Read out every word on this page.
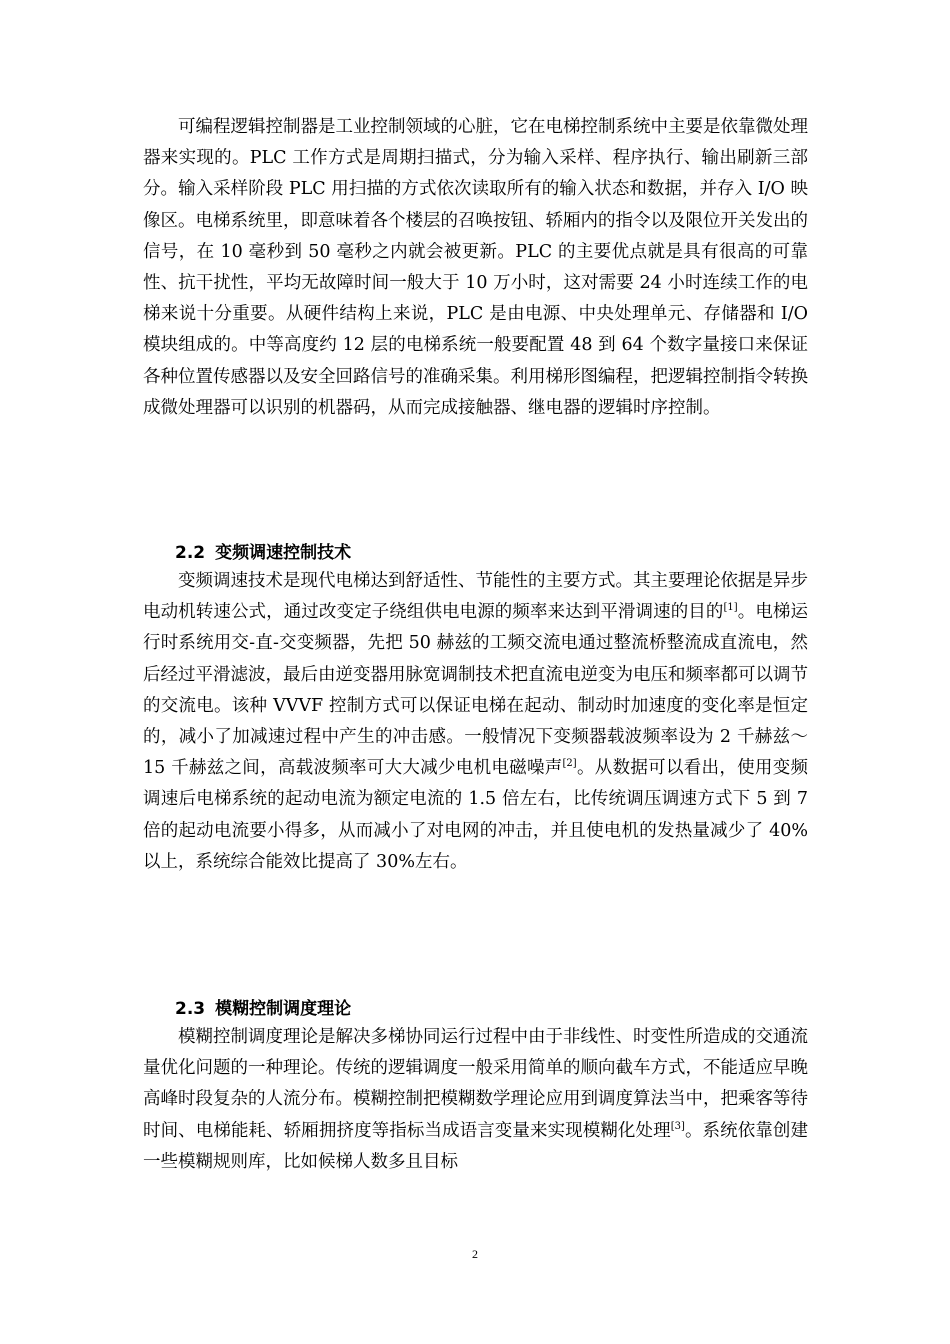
可编程逻辑控制器是工业控制领域的心脏，它在电梯控制系统中主要是依靠微处理器来实现的。PLC 工作方式是周期扫描式，分为输入采样、程序执行、输出刷新三部分。输入采样阶段 PLC 用扫描的方式依次读取所有的输入状态和数据，并存入 I/O 映像区。电梯系统里，即意味着各个楼层的召唤按钮、轿厢内的指令以及限位开关发出的信号，在 10 毫秒到 50 毫秒之内就会被更新。PLC 的主要优点就是具有很高的可靠性、抗干扰性，平均无故障时间一般大于 10 万小时，这对需要 24 小时连续工作的电梯来说十分重要。从硬件结构上来说，PLC 是由电源、中央处理单元、存储器和 I/O 模块组成的。中等高度约 12 层的电梯系统一般要配置 48 到 64 个数字量接口来保证各种位置传感器以及安全回路信号的准确采集。利用梯形图编程，把逻辑控制指令转换成微处理器可以识别的机器码，从而完成接触器、继电器的逻辑时序控制。

2.2 变频调速控制技术

变频调速技术是现代电梯达到舒适性、节能性的主要方式。其主要理论依据是异步电动机转速公式，通过改变定子绕组供电电源的频率来达到平滑调速的目的[1]。电梯运行时系统用交-直-交变频器，先把 50 赫兹的工频交流电通过整流桥整流成直流电，然后经过平滑滤波，最后由逆变器用脉宽调制技术把直流电逆变为电压和频率都可以调节的交流电。该种 VVVF 控制方式可以保证电梯在起动、制动时加速度的变化率是恒定的，减小了加减速过程中产生的冲击感。一般情况下变频器载波频率设为 2 千赫兹～15 千赫兹之间，高载波频率可大大减少电机电磁噪声[2]。从数据可以看出，使用变频调速后电梯系统的起动电流为额定电流的 1.5 倍左右，比传统调压调速方式下 5 到 7 倍的起动电流要小得多，从而减小了对电网的冲击，并且使电机的发热量减少了 40%以上，系统综合能效比提高了 30%左右。

2.3 模糊控制调度理论

模糊控制调度理论是解决多梯协同运行过程中由于非线性、时变性所造成的交通流量优化问题的一种理论。传统的逻辑调度一般采用简单的顺向截车方式，不能适应早晚高峰时段复杂的人流分布。模糊控制把模糊数学理论应用到调度算法当中，把乘客等待时间、电梯能耗、轿厢拥挤度等指标当成语言变量来实现模糊化处理[3]。系统依靠创建一些模糊规则库，比如候梯人数多且目标

2
